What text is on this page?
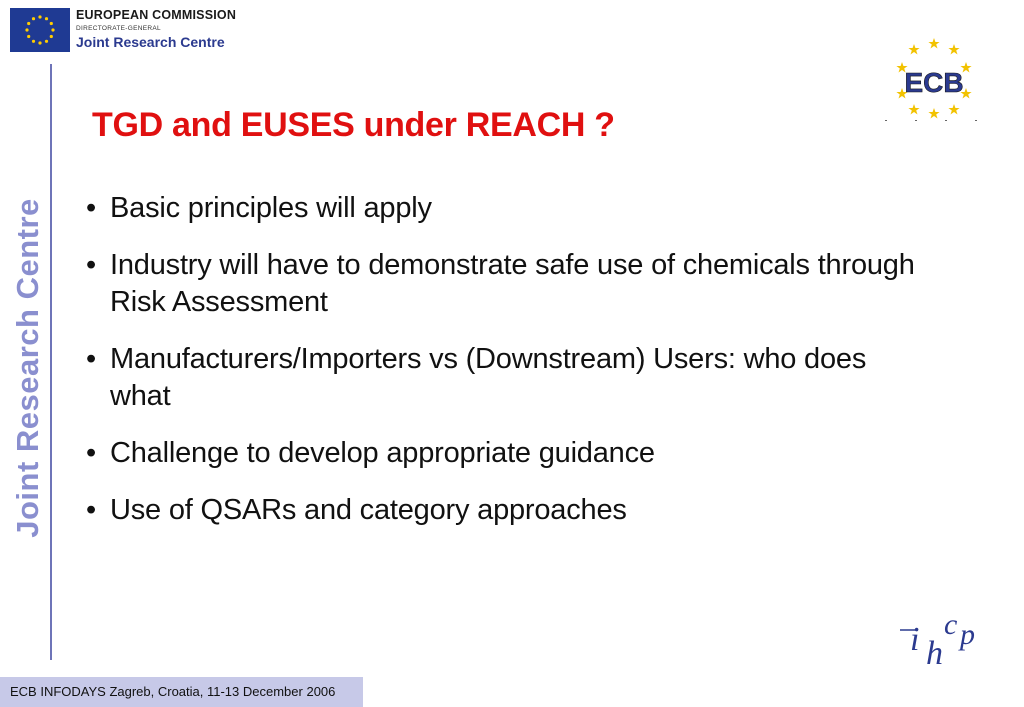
EUROPEAN COMMISSION
DIRECTORATE-GENERAL
Joint Research Centre
Joint Research Centre
ECB
TGD and EUSES under REACH ?
• Basic principles will apply
• Industry will have to demonstrate safe use of chemicals through Risk Assessment
• Manufacturers/Importers vs (Downstream) Users: who does what
• Challenge to develop appropriate guidance
• Use of QSARs and category approaches
i h
c p
ECB INFODAYS Zagreb, Croatia, 11-13 December 2006
